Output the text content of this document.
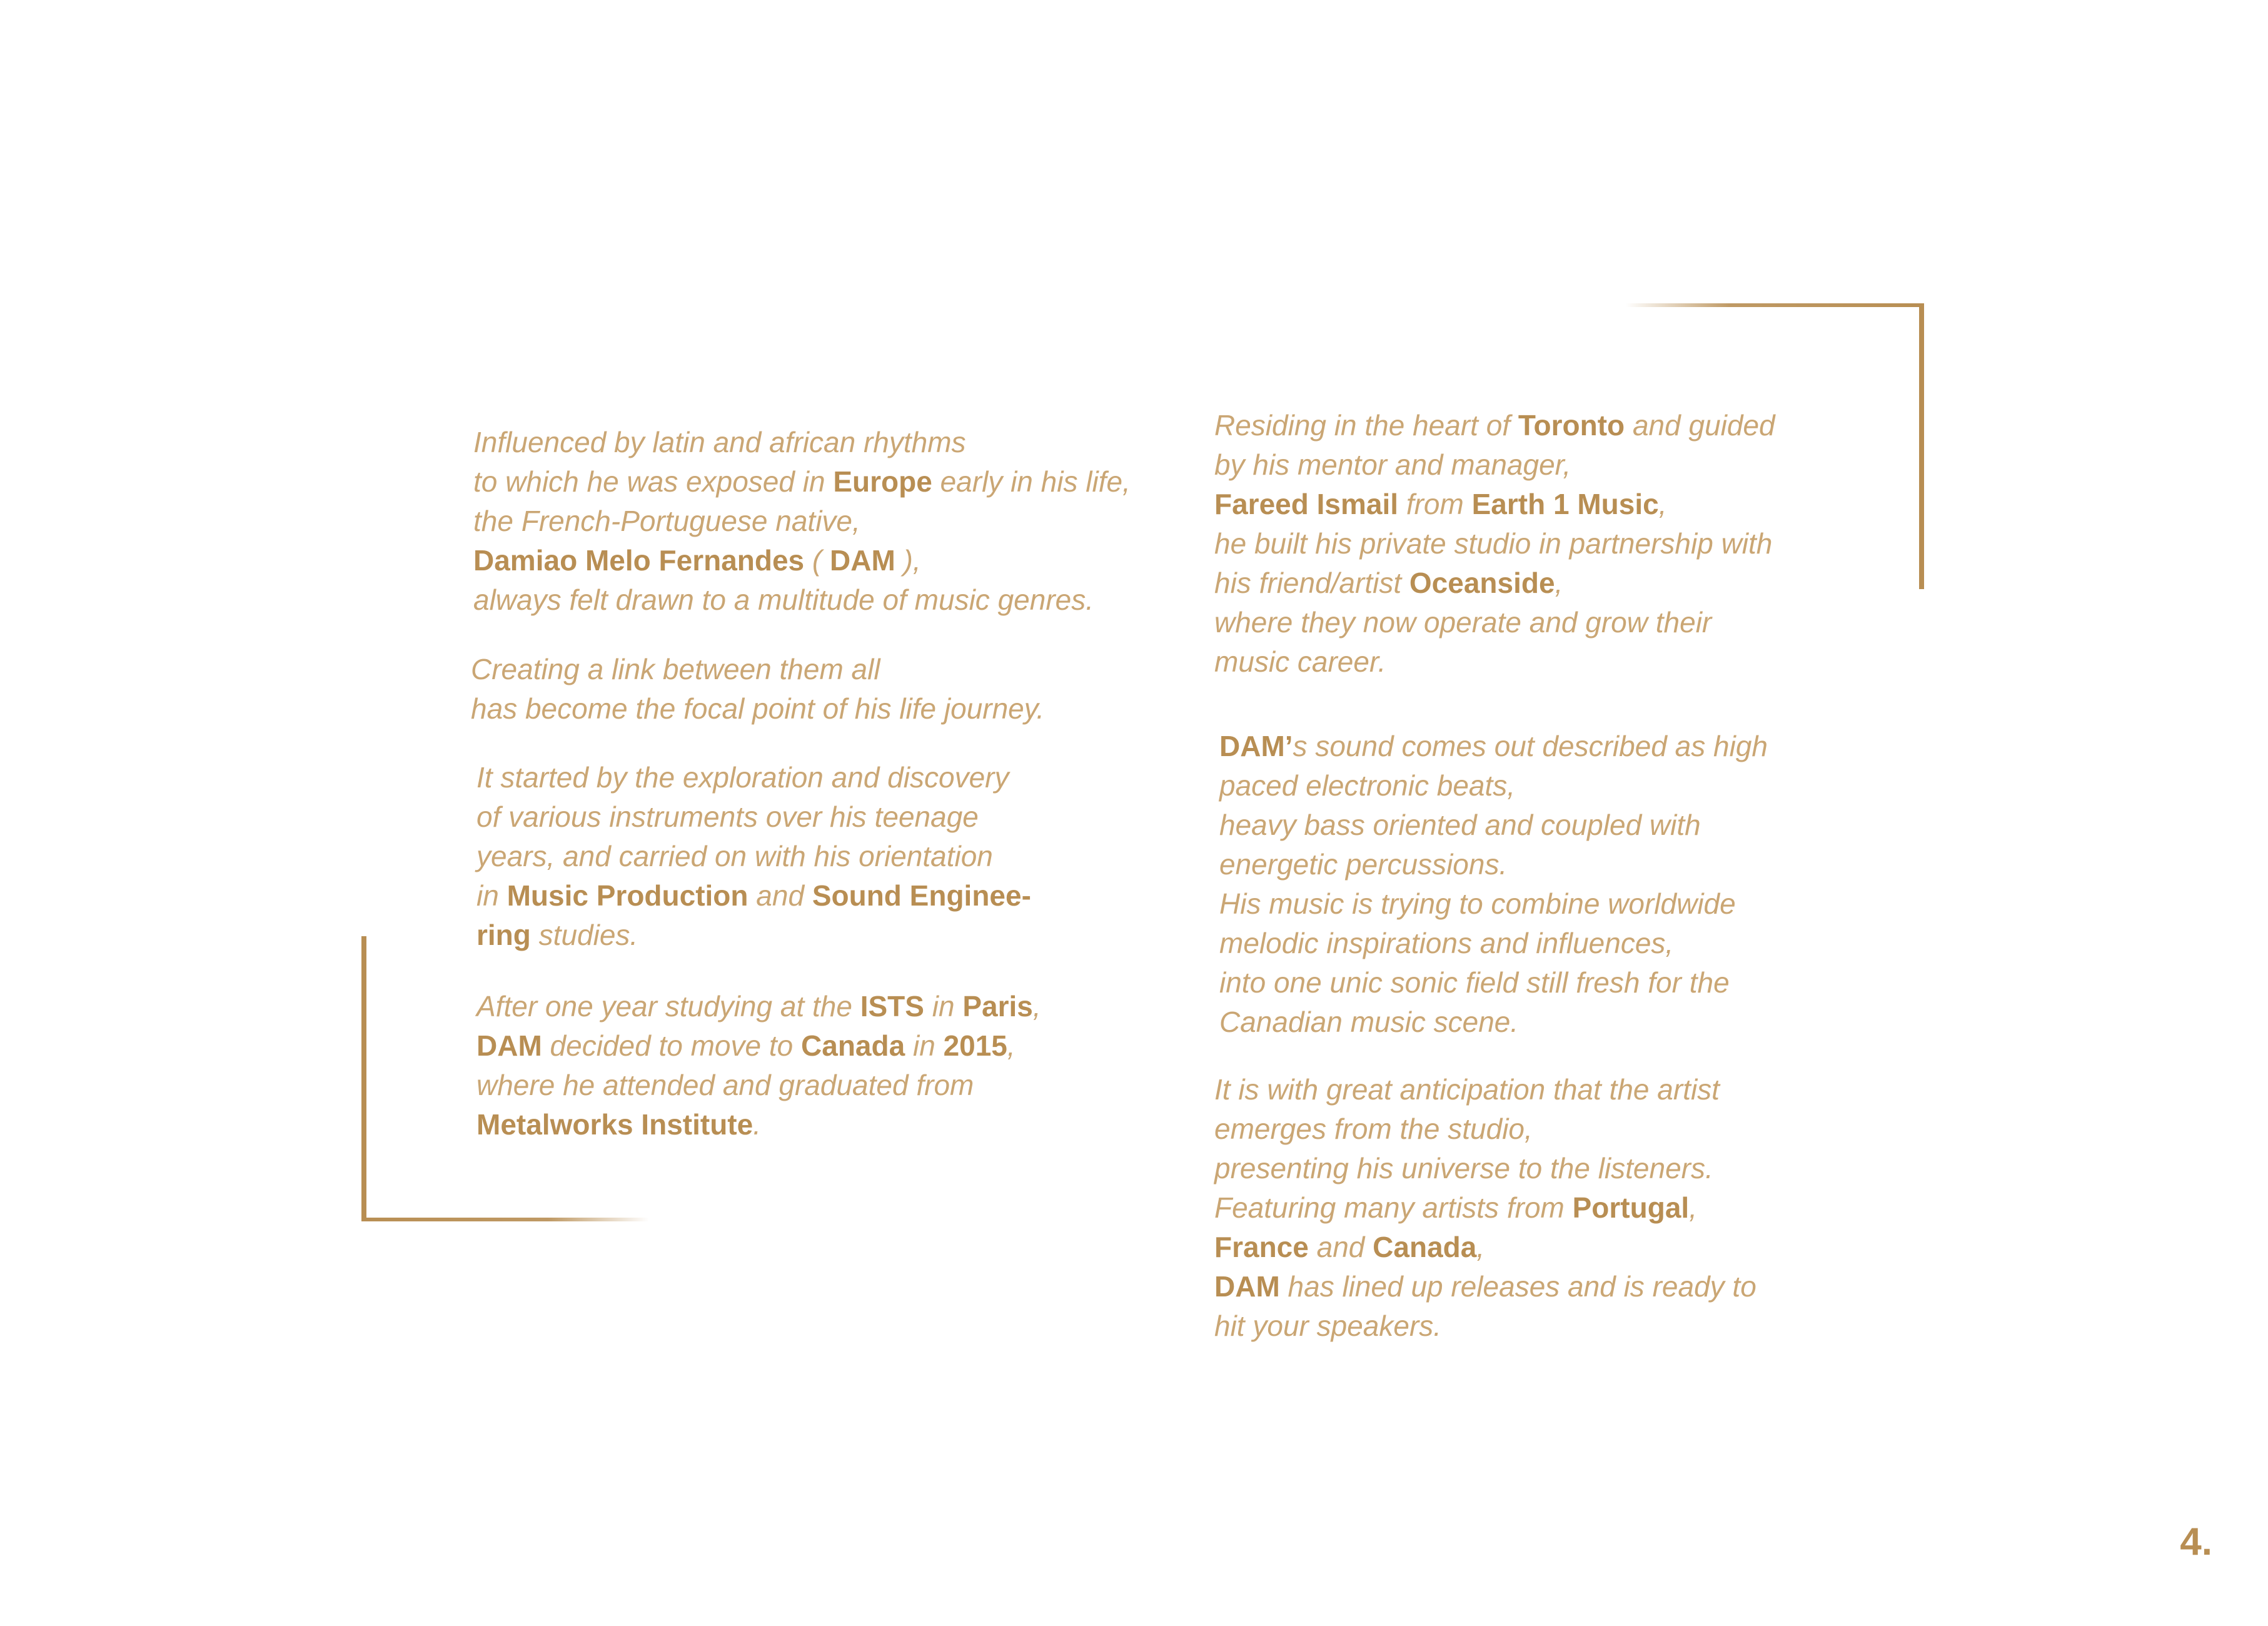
Influenced by latin and african rhythms
to which he was exposed in Europe early in his life,
the French-Portuguese native,
Damiao Melo Fernandes ( DAM ),
always felt drawn to a multitude of music genres.

Creating a link between them all
has become the focal point of his life journey.

It started by the exploration and discovery
of various instruments over his teenage
years, and carried on with his orientation
in Music Production and Sound Enginee-
ring studies.

After one year studying at the ISTS in Paris,
DAM decided to move to Canada in 2015,
where he attended and graduated from
Metalworks Institute.

Residing in the heart of Toronto and guided
by his mentor and manager,
Fareed Ismail from Earth 1 Music,
he built his private studio in partnership with
his friend/artist Oceanside,
where they now operate and grow their
music career.

DAM’s sound comes out described as high
paced electronic beats,
heavy bass oriented and coupled with
energetic percussions.
His music is trying to combine worldwide
melodic inspirations and influences,
into one unic sonic field still fresh for the
Canadian music scene.

It is with great anticipation that the artist
emerges from the studio,
presenting his universe to the listeners.
Featuring many artists from Portugal,
France and Canada,
DAM has lined up releases and is ready to
hit your speakers.

4.
